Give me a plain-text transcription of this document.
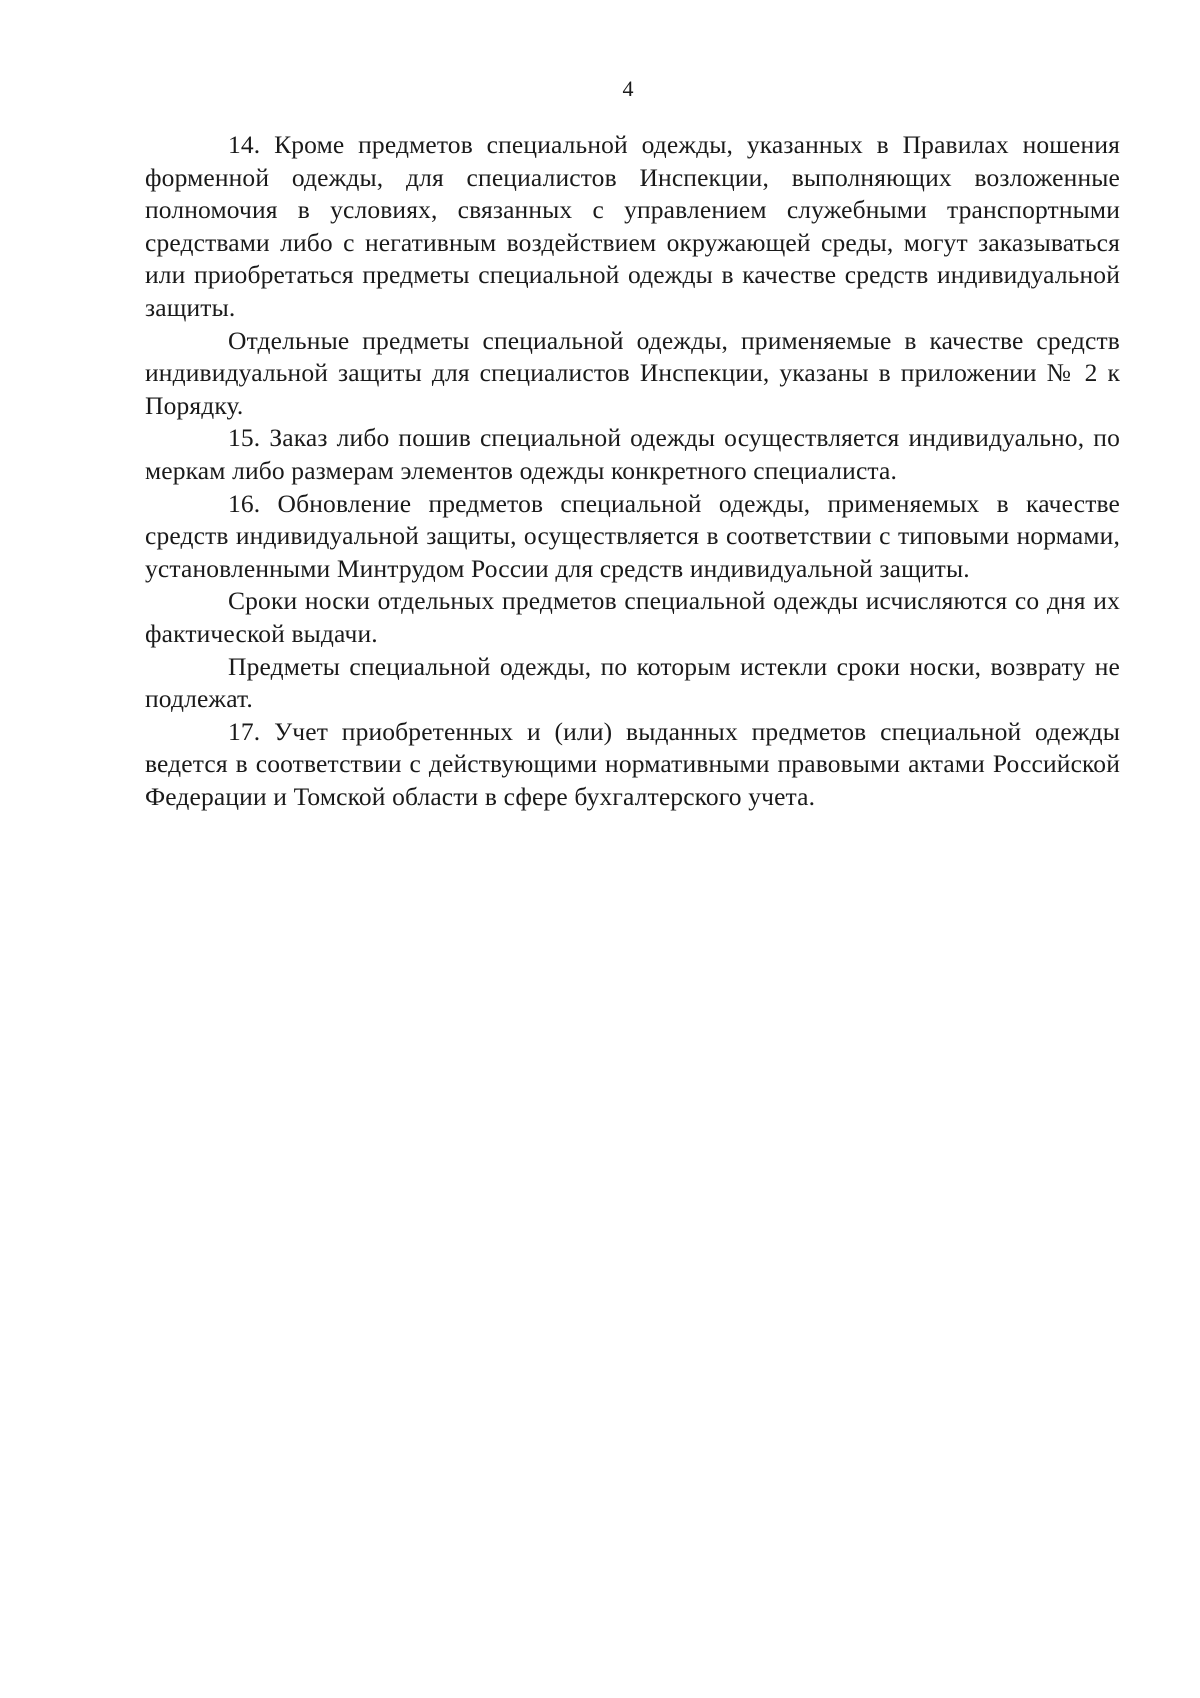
4

14. Кроме предметов специальной одежды, указанных в Правилах ношения форменной одежды, для специалистов Инспекции, выполняющих возложенные полномочия в условиях, связанных с управлением служебными транспортными средствами либо с негативным воздействием окружающей среды, могут заказываться или приобретаться предметы специальной одежды в качестве средств индивидуальной защиты.

Отдельные предметы специальной одежды, применяемые в качестве средств индивидуальной защиты для специалистов Инспекции, указаны в приложении № 2 к Порядку.

15. Заказ либо пошив специальной одежды осуществляется индивидуально, по меркам либо размерам элементов одежды конкретного специалиста.

16. Обновление предметов специальной одежды, применяемых в качестве средств индивидуальной защиты, осуществляется в соответствии с типовыми нормами, установленными Минтрудом России для средств индивидуальной защиты.

Сроки носки отдельных предметов специальной одежды исчисляются со дня их фактической выдачи.

Предметы специальной одежды, по которым истекли сроки носки, возврату не подлежат.

17. Учет приобретенных и (или) выданных предметов специальной одежды ведется в соответствии с действующими нормативными правовыми актами Российской Федерации и Томской области в сфере бухгалтерского учета.
